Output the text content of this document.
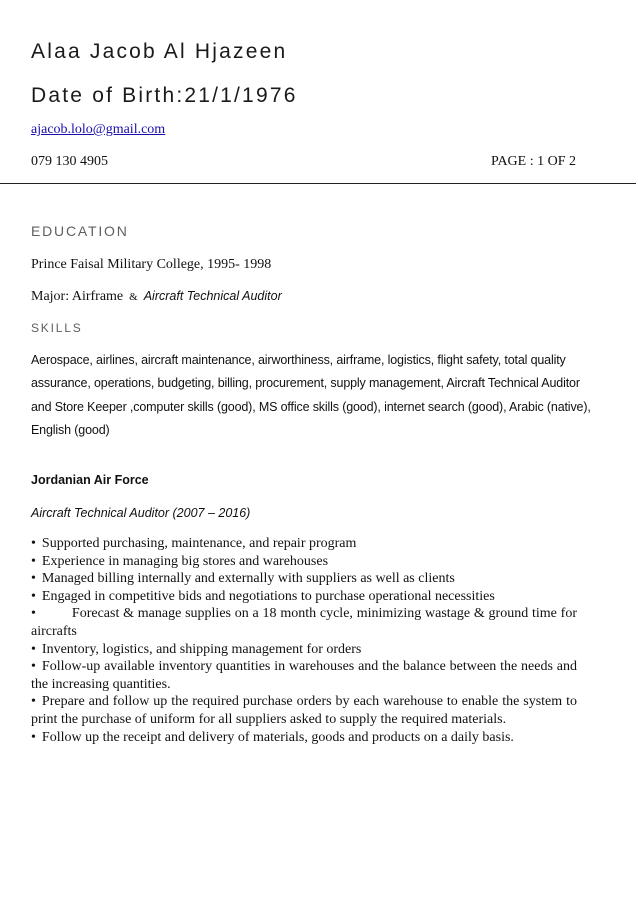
Alaa Jacob Al Hjazeen
Date of Birth:21/1/1976
ajacob.lolo@gmail.com
079 130 4905	PAGE : 1 OF 2
EDUCATION
Prince Faisal Military College, 1995- 1998
Major: Airframe & Aircraft Technical Auditor
SKILLS
Aerospace, airlines, aircraft maintenance, airworthiness, airframe, logistics, flight safety, total quality assurance, operations, budgeting, billing, procurement, supply management, Aircraft Technical Auditor and Store Keeper ,computer skills (good), MS office skills (good), internet search (good), Arabic (native), English (good)
Jordanian Air Force
Aircraft Technical Auditor (2007 – 2016)
• Supported purchasing, maintenance, and repair program
• Experience in managing big stores and warehouses
• Managed billing internally and externally with suppliers as well as clients
• Engaged in competitive bids and negotiations to purchase operational necessities
•	Forecast & manage supplies on a 18 month cycle, minimizing wastage & ground time for aircrafts
• Inventory, logistics, and shipping management for orders
• Follow-up available inventory quantities in warehouses and the balance between the needs and the increasing quantities.
• Prepare and follow up the required purchase orders by each warehouse to enable the system to print the purchase of uniform for all suppliers asked to supply the required materials.
• Follow up the receipt and delivery of materials, goods and products on a daily basis.
